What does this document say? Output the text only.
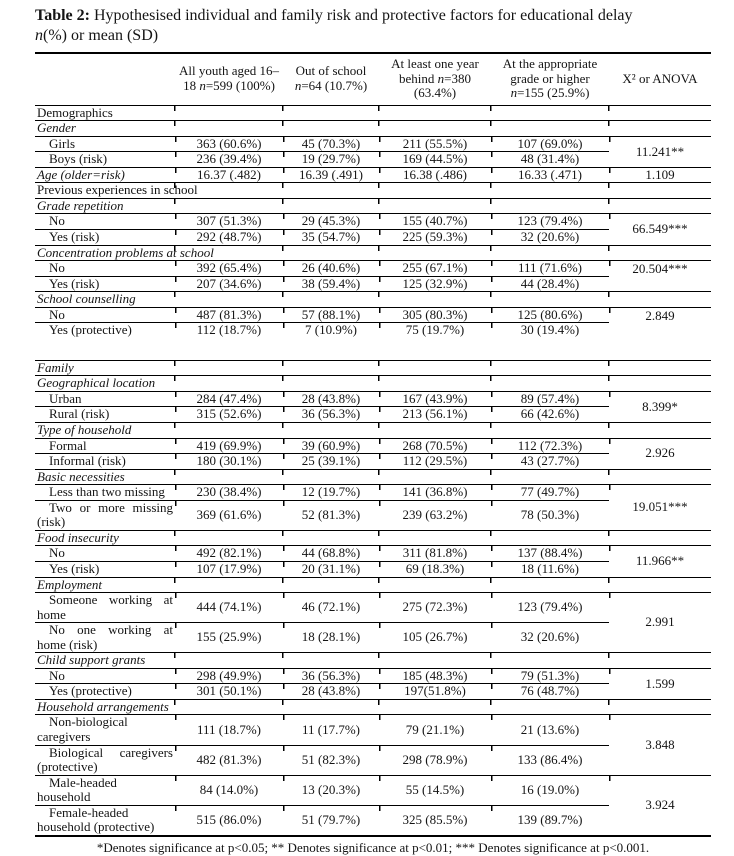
Table 2: Hypothesised individual and family risk and protective factors for educational delay
n(%) or mean (SD)
	All youth aged 16–18 n=599 (100%)	Out of school n=64 (10.7%)	At least one year behind n=380 (63.4%)	At the appropriate grade or higher n=155 (25.9%)	X² or ANOVA
Demographics					
Gender					
Girls	363 (60.6%)	45 (70.3%)	211 (55.5%)	107 (69.0%)	11.241**
Boys (risk)	236 (39.4%)	19 (29.7%)	169 (44.5%)	48 (31.4%)	
Age (older=risk)	16.37 (.482)	16.39 (.491)	16.38 (.486)	16.33 (.471)	1.109
Previous experiences in school					
Grade repetition					
No	307 (51.3%)	29 (45.3%)	155 (40.7%)	123 (79.4%)	66.549***
Yes (risk)	292 (48.7%)	35 (54.7%)	225 (59.3%)	32 (20.6%)	
Concentration problems at school					
No	392 (65.4%)	26 (40.6%)	255 (67.1%)	111 (71.6%)	20.504***
Yes (risk)	207 (34.6%)	38 (59.4%)	125 (32.9%)	44 (28.4%)	
School counselling					
No	487 (81.3%)	57 (88.1%)	305 (80.3%)	125 (80.6%)	2.849
Yes (protective)	112 (18.7%)	7 (10.9%)	75 (19.7%)	30 (19.4%)	

Family					
Geographical location					
Urban	284 (47.4%)	28 (43.8%)	167 (43.9%)	89 (57.4%)	8.399*
Rural (risk)	315 (52.6%)	36 (56.3%)	213 (56.1%)	66 (42.6%)	
Type of household					
Formal	419 (69.9%)	39 (60.9%)	268 (70.5%)	112 (72.3%)	2.926
Informal (risk)	180 (30.1%)	25 (39.1%)	112 (29.5%)	43 (27.7%)	
Basic necessities					
Less than two missing	230 (38.4%)	12 (19.7%)	141 (36.8%)	77 (49.7%)	19.051***
Two or more missing (risk)	369 (61.6%)	52 (81.3%)	239 (63.2%)	78 (50.3%)	
Food insecurity					
No	492 (82.1%)	44 (68.8%)	311 (81.8%)	137 (88.4%)	11.966**
Yes (risk)	107 (17.9%)	20 (31.1%)	69 (18.3%)	18 (11.6%)	
Employment					
Someone working at home	444 (74.1%)	46 (72.1%)	275 (72.3%)	123 (79.4%)	2.991
No one working at home (risk)	155 (25.9%)	18 (28.1%)	105 (26.7%)	32 (20.6%)	
Child support grants					
No	298 (49.9%)	36 (56.3%)	185 (48.3%)	79 (51.3%)	1.599
Yes (protective)	301 (50.1%)	28 (43.8%)	197(51.8%)	76 (48.7%)	
Household arrangements					
Non-biological caregivers	111 (18.7%)	11 (17.7%)	79 (21.1%)	21 (13.6%)	3.848
Biological caregivers (protective)	482 (81.3%)	51 (82.3%)	298 (78.9%)	133 (86.4%)	
Male-headed household	84 (14.0%)	13 (20.3%)	55 (14.5%)	16 (19.0%)	3.924
Female-headed household (protective)	515 (86.0%)	51 (79.7%)	325 (85.5%)	139 (89.7%)	
*Denotes significance at p<0.05; ** Denotes significance at p<0.01; *** Denotes significance at p<0.001.
